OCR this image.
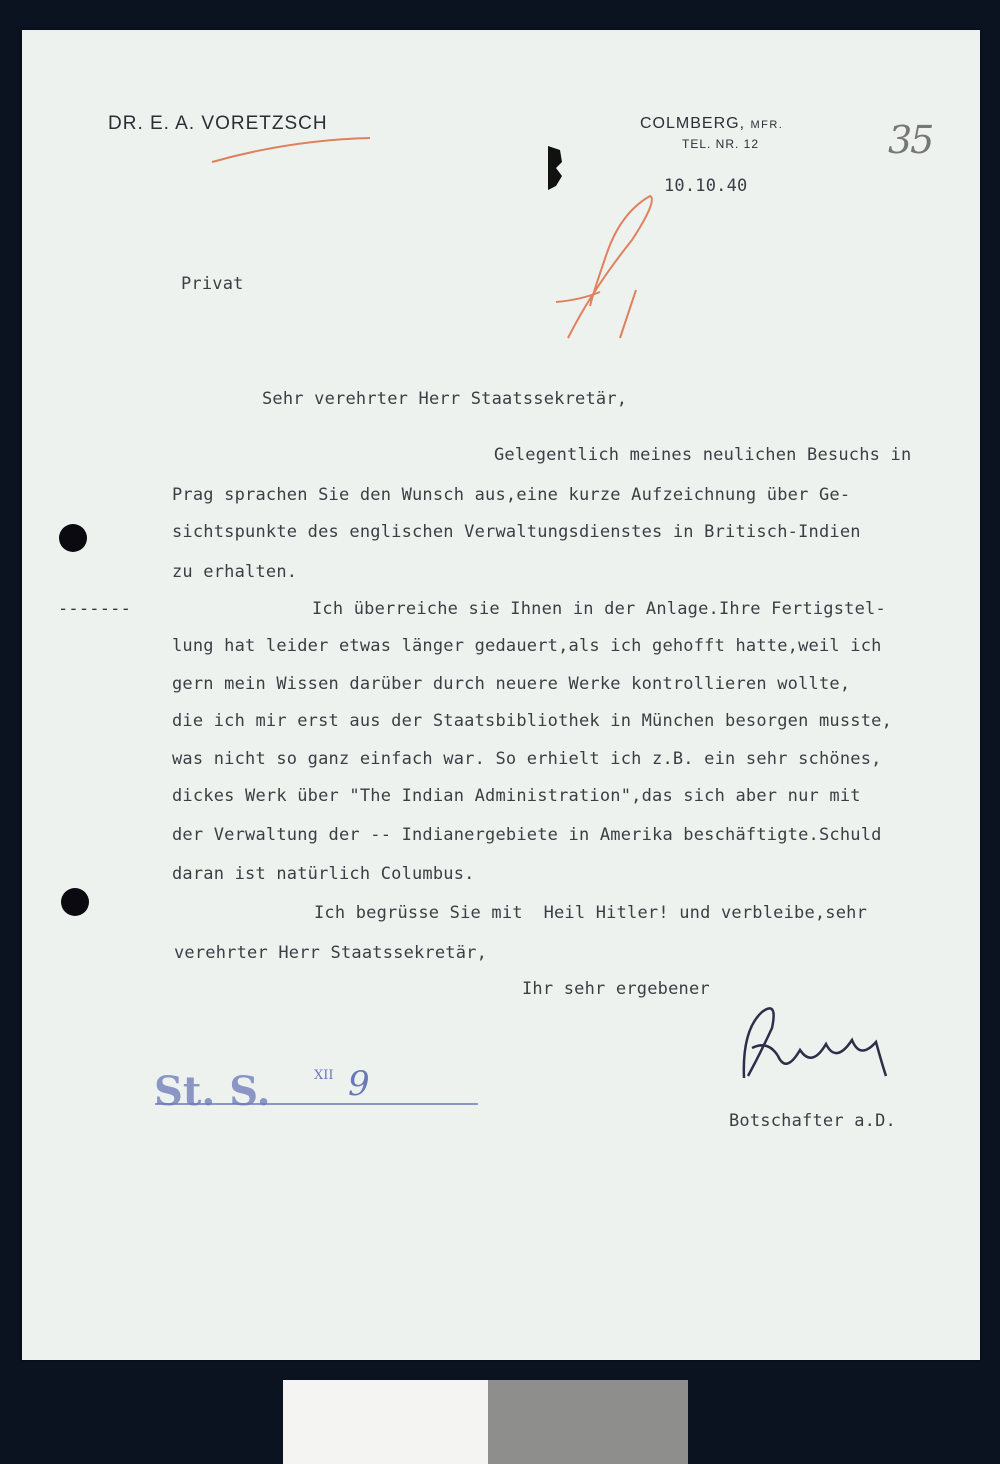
DR. E. A. VORETZSCH	COLMBERG, MFR.
TEL. NR. 12	35
10.10.40
Privat
Sehr verehrter Herr Staatssekretär,
Gelegentlich meines neulichen Besuchs in
Prag sprachen Sie den Wunsch aus,eine kurze Aufzeichnung über Ge-
sichtspunkte des englischen Verwaltungsdienstes in Britisch-Indien
zu erhalten.
Ich überreiche sie Ihnen in der Anlage.Ihre Fertigstel-
lung hat leider etwas länger gedauert,als ich gehofft hatte,weil ich
gern mein Wissen darüber durch neuere Werke kontrollieren wollte,
die ich mir erst aus der Staatsbibliothek in München besorgen musste,
was nicht so ganz einfach war. So erhielt ich z.B. ein sehr schönes,
dickes Werk über "The Indian Administration",das sich aber nur mit
der Verwaltung der -- Indianergebiete in Amerika beschäftigte.Schuld
daran ist natürlich Columbus.
Ich begrüsse Sie mit  Heil Hitler! und verbleibe,sehr
verehrter Herr Staatssekretär,
Ihr sehr ergebener
Botschafter a.D.
-------
St. S.	XII 9
